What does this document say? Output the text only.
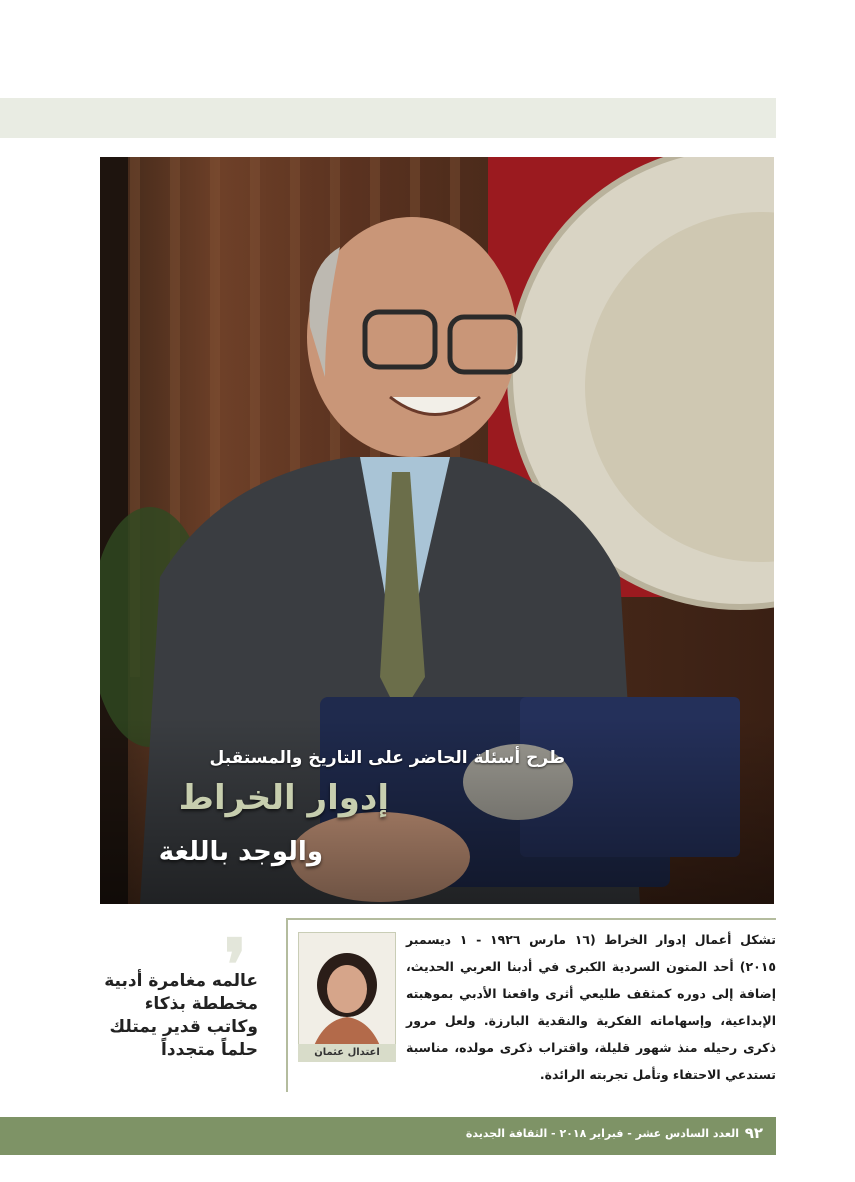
طرح أسئلة الحاضر على التاريخ والمستقبل
إدوار الخراط
والوجد باللغة
اعتدال عثمان
تشكل أعمال إدوار الخراط (١٦ مارس ١٩٢٦ - ١ ديسمبر ٢٠١٥) أحد المتون السردية الكبرى في أدبنا العربي الحديث، إضافة إلى دوره كمثقف طليعي أثرى واقعنا الأدبي بموهبته الإبداعية، وإسهاماته الفكرية والنقدية البارزة. ولعل مرور ذكرى رحيله منذ شهور قليلة، واقتراب ذكرى مولده، مناسبة تستدعي الاحتفاء وتأمل تجربته الرائدة.
❜
عالمه مغامرة أدبية مخططة بذكاء وكاتب قدير يمتلك حلماً متجدداً
٩٢
العدد السادس عشر - فبراير ٢٠١٨ - الثقافة الجديدة
